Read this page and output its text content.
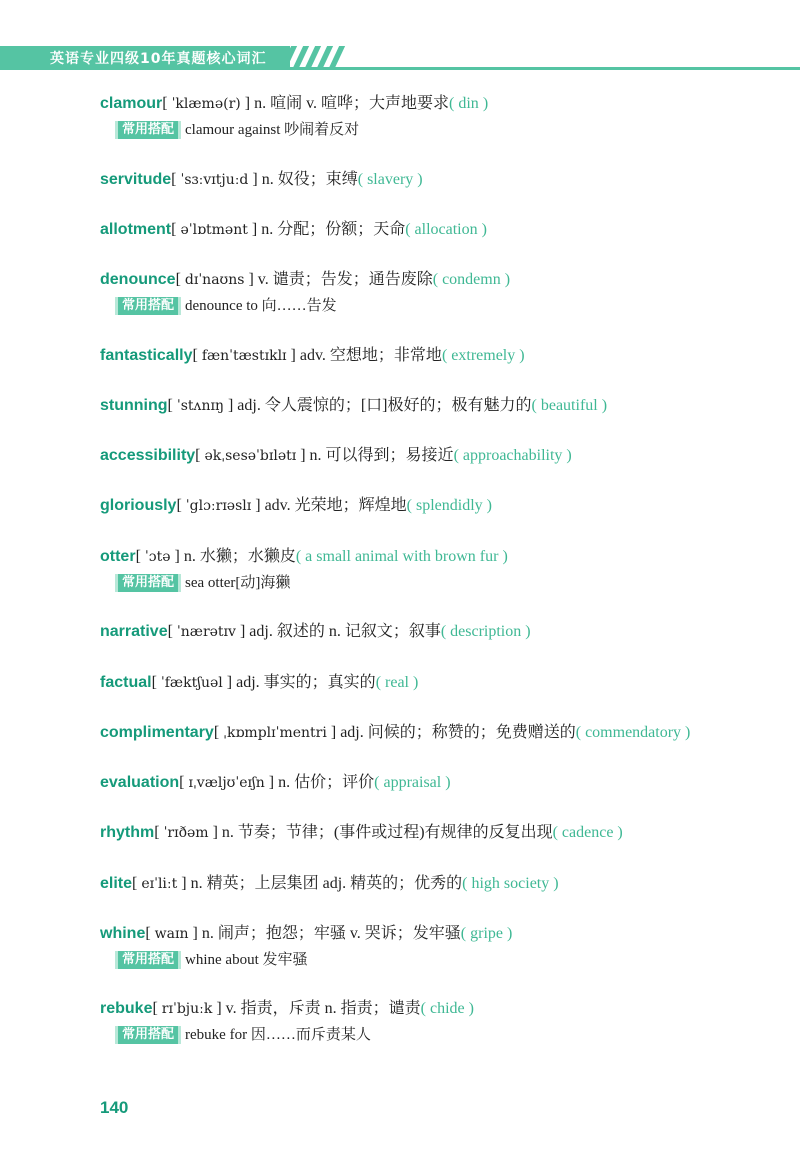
英语专业四级10年真题核心词汇
clamour[ ˈklæmə(r) ] n. 喧闹 v. 喧哗；大声地要求( din )
常用搭配 clamour against 吵闹着反对
servitude[ ˈsɜːvɪtjuːd ] n. 奴役；束缚( slavery )
allotment[ əˈlɒtmənt ] n. 分配；份额；天命( allocation )
denounce[ dɪˈnaʊns ] v. 谴责；告发；通告废除( condemn )
常用搭配 denounce to 向……告发
fantastically[ fænˈtæstɪklɪ ] adv. 空想地；非常地( extremely )
stunning[ ˈstʌnɪŋ ] adj. 令人震惊的；[口]极好的；极有魅力的( beautiful )
accessibility[ əkˌsesəˈbɪlətɪ ] n. 可以得到；易接近( approachability )
gloriously[ ˈglɔːrɪəslɪ ] adv. 光荣地；辉煌地( splendidly )
otter[ ˈɔtə ] n. 水獭；水獭皮( a small animal with brown fur )
常用搭配 sea otter[动]海獭
narrative[ ˈnærətɪv ] adj. 叙述的 n. 记叙文；叙事( description )
factual[ ˈfæktʃuəl ] adj. 事实的；真实的( real )
complimentary[ ˌkɒmplɪˈmentri ] adj. 问候的；称赞的；免费赠送的( commendatory )
evaluation[ ɪˌvæljʊˈeɪʃn ] n. 估价；评价( appraisal )
rhythm[ ˈrɪðəm ] n. 节奏；节律；(事件或过程)有规律的反复出现( cadence )
elite[ eɪˈliːt ] n. 精英；上层集团 adj. 精英的；优秀的( high society )
whine[ waɪn ] n. 闹声；抱怨；牢骚 v. 哭诉；发牢骚( gripe )
常用搭配 whine about 发牢骚
rebuke[ rɪˈbjuːk ] v. 指责，斥责 n. 指责；谴责( chide )
常用搭配 rebuke for 因……而斥责某人
140
